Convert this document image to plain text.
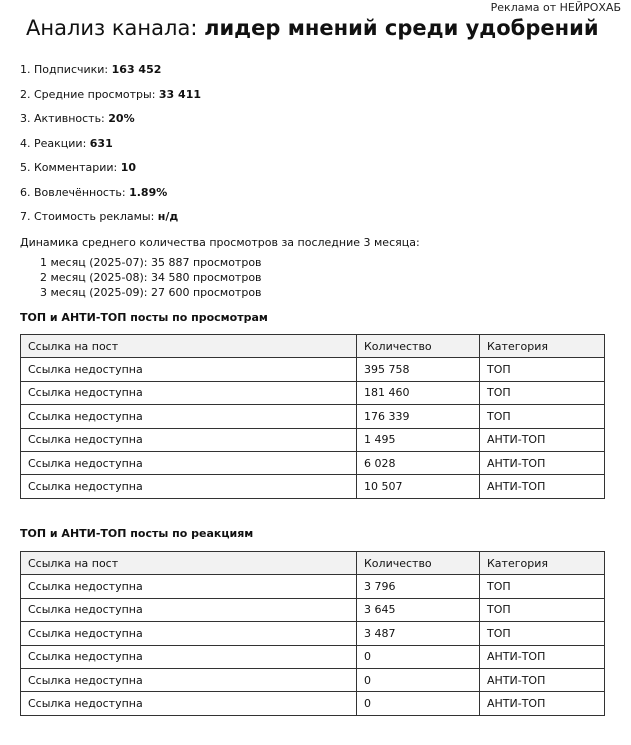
Реклама от НЕЙРОХАБ
Анализ канала: лидер мнений среди удобрений
1. Подписчики: 163 452
2. Средние просмотры: 33 411
3. Активность: 20%
4. Реакции: 631
5. Комментарии: 10
6. Вовлечённость: 1.89%
7. Стоимость рекламы: н/д
Динамика среднего количества просмотров за последние 3 месяца:
1 месяц (2025-07): 35 887 просмотров
2 месяц (2025-08): 34 580 просмотров
3 месяц (2025-09): 27 600 просмотров
ТОП и АНТИ-ТОП посты по просмотрам
Ссылка на пост	Количество	Категория
Ссылка недоступна	395 758	ТОП
Ссылка недоступна	181 460	ТОП
Ссылка недоступна	176 339	ТОП
Ссылка недоступна	1 495	АНТИ-ТОП
Ссылка недоступна	6 028	АНТИ-ТОП
Ссылка недоступна	10 507	АНТИ-ТОП
ТОП и АНТИ-ТОП посты по реакциям
Ссылка на пост	Количество	Категория
Ссылка недоступна	3 796	ТОП
Ссылка недоступна	3 645	ТОП
Ссылка недоступна	3 487	ТОП
Ссылка недоступна	0	АНТИ-ТОП
Ссылка недоступна	0	АНТИ-ТОП
Ссылка недоступна	0	АНТИ-ТОП
